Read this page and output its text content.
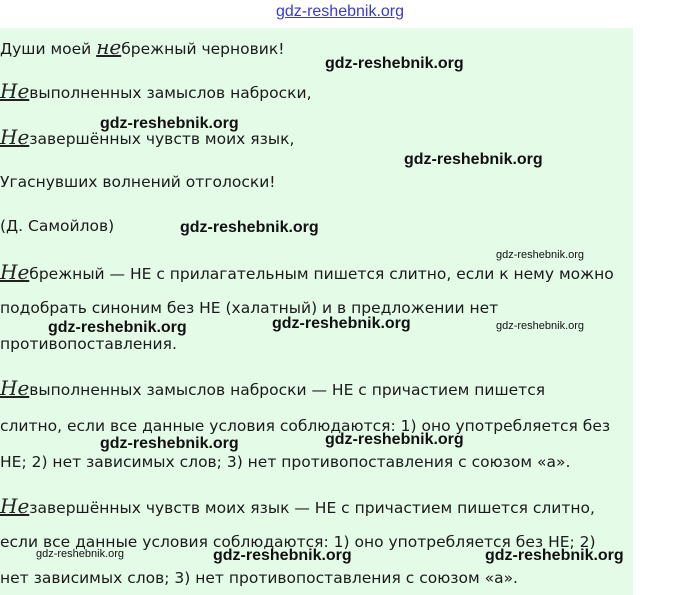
gdz-reshebnik.org
Души моей небрежный черновик!
Невыполненных замыслов наброски,
Незавершённых чувств моих язык,
Угаснувших волнений отголоски!
(Д. Самойлов)
Небрежный — НЕ с прилагательным пишется слитно, если к нему можно
подобрать синоним без НЕ (халатный) и в предложении нет
противопоставления.
Невыполненных замыслов наброски — НЕ с причастием пишется
слитно, если все данные условия соблюдаются: 1) оно употребляется без
НЕ; 2) нет зависимых слов; 3) нет противопоставления с союзом «а».
Незавершённых чувств моих язык — НЕ с причастием пишется слитно,
если все данные условия соблюдаются: 1) оно употребляется без НЕ; 2)
нет зависимых слов; 3) нет противопоставления с союзом «а».
gdz-reshebnik.org
gdz-reshebnik.org
gdz-reshebnik.org
gdz-reshebnik.org
gdz-reshebnik.org
gdz-reshebnik.org
gdz-reshebnik.org	gdz-reshebnik.org
gdz-reshebnik.org
gdz-reshebnik.org
gdz-reshebnik.org	gdz-reshebnik.org	gdz-reshebnik.org
